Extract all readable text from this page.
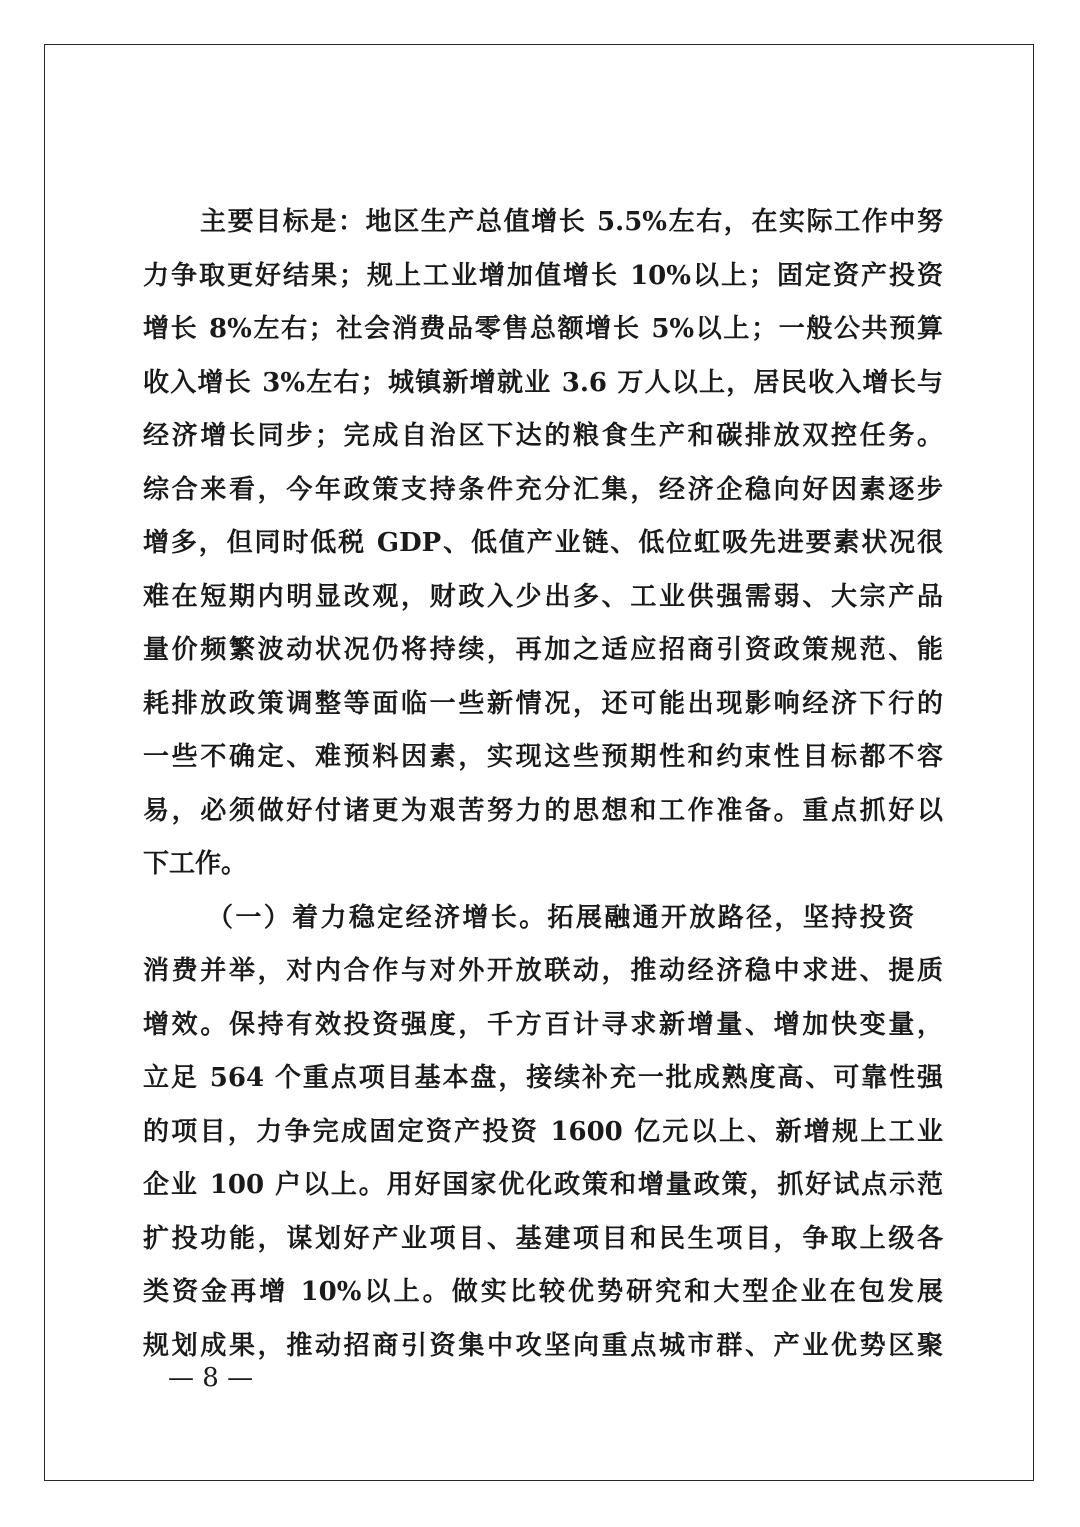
主要目标是：地区生产总值增长 5.5%左右，在实际工作中努
力争取更好结果；规上工业增加值增长 10%以上；固定资产投资
增长 8%左右；社会消费品零售总额增长 5%以上；一般公共预算
收入增长 3%左右；城镇新增就业 3.6 万人以上，居民收入增长与
经济增长同步；完成自治区下达的粮食生产和碳排放双控任务。
综合来看，今年政策支持条件充分汇集，经济企稳向好因素逐步
增多，但同时低税 GDP、低值产业链、低位虹吸先进要素状况很
难在短期内明显改观，财政入少出多、工业供强需弱、大宗产品
量价频繁波动状况仍将持续，再加之适应招商引资政策规范、能
耗排放政策调整等面临一些新情况，还可能出现影响经济下行的
一些不确定、难预料因素，实现这些预期性和约束性目标都不容
易，必须做好付诸更为艰苦努力的思想和工作准备。重点抓好以
下工作。
（一）着力稳定经济增长。拓展融通开放路径，坚持投资
消费并举，对内合作与对外开放联动，推动经济稳中求进、提质
增效。保持有效投资强度，千方百计寻求新增量、增加快变量，
立足 564 个重点项目基本盘，接续补充一批成熟度高、可靠性强
的项目，力争完成固定资产投资 1600 亿元以上、新增规上工业
企业 100 户以上。用好国家优化政策和增量政策，抓好试点示范
扩投功能，谋划好产业项目、基建项目和民生项目，争取上级各
类资金再增 10%以上。做实比较优势研究和大型企业在包发展
规划成果，推动招商引资集中攻坚向重点城市群、产业优势区聚
— 8 —
